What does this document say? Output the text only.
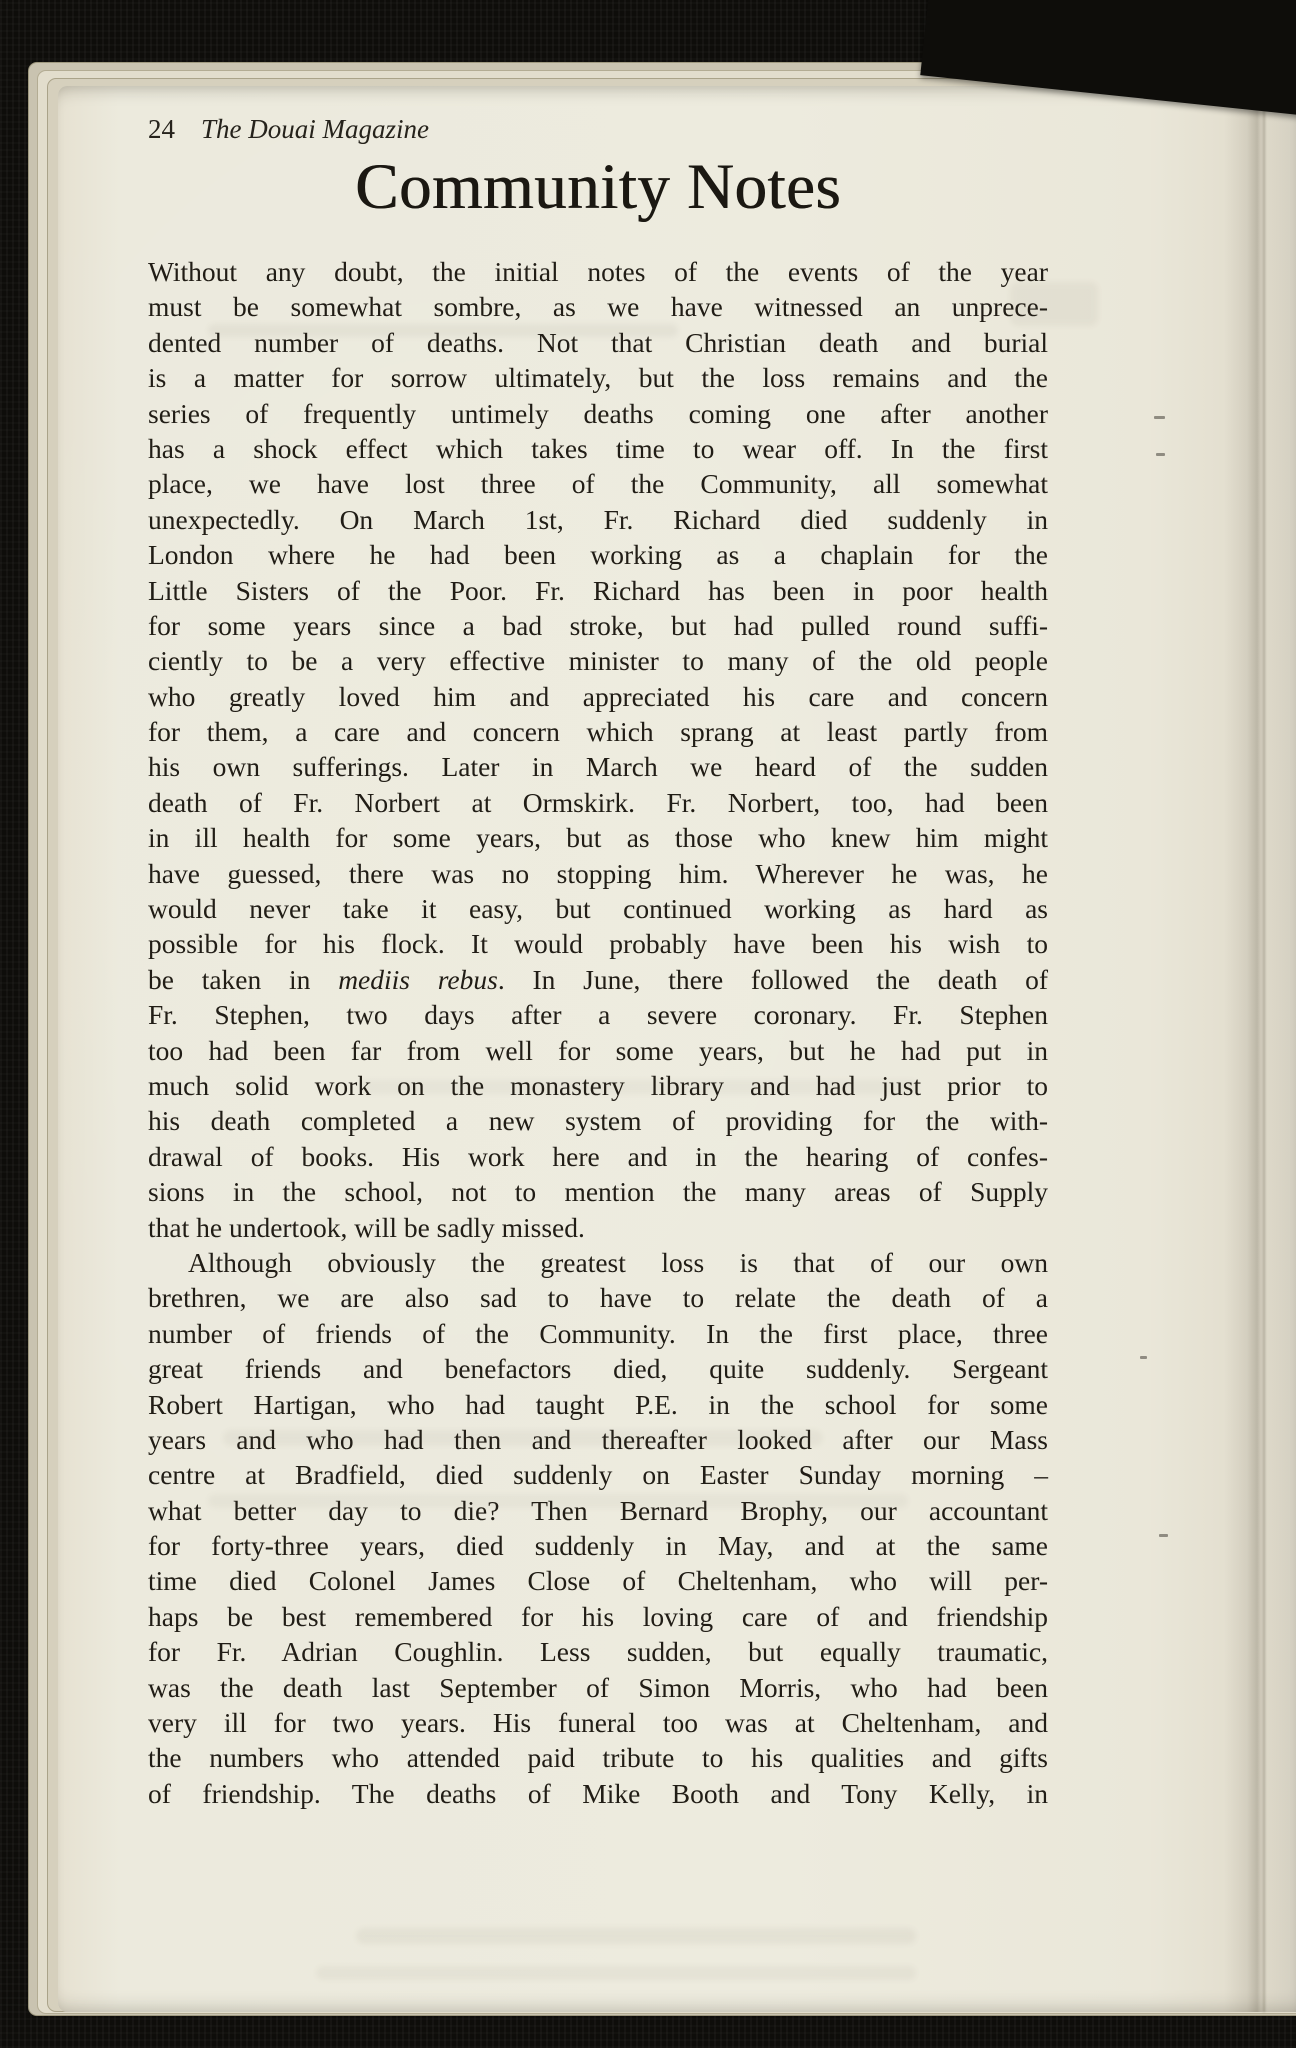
24 The Douai Magazine
Community Notes
Without any doubt, the initial notes of the events of the year
must be somewhat sombre, as we have witnessed an unprece-
dented number of deaths. Not that Christian death and burial
is a matter for sorrow ultimately, but the loss remains and the
series of frequently untimely deaths coming one after another
has a shock effect which takes time to wear off. In the first
place, we have lost three of the Community, all somewhat
unexpectedly. On March 1st, Fr. Richard died suddenly in
London where he had been working as a chaplain for the
Little Sisters of the Poor. Fr. Richard has been in poor health
for some years since a bad stroke, but had pulled round suffi-
ciently to be a very effective minister to many of the old people
who greatly loved him and appreciated his care and concern
for them, a care and concern which sprang at least partly from
his own sufferings. Later in March we heard of the sudden
death of Fr. Norbert at Ormskirk. Fr. Norbert, too, had been
in ill health for some years, but as those who knew him might
have guessed, there was no stopping him. Wherever he was, he
would never take it easy, but continued working as hard as
possible for his flock. It would probably have been his wish to
be taken in mediis rebus. In June, there followed the death of
Fr. Stephen, two days after a severe coronary. Fr. Stephen
too had been far from well for some years, but he had put in
much solid work on the monastery library and had just prior to
his death completed a new system of providing for the with-
drawal of books. His work here and in the hearing of confes-
sions in the school, not to mention the many areas of Supply
that he undertook, will be sadly missed.
Although obviously the greatest loss is that of our own
brethren, we are also sad to have to relate the death of a
number of friends of the Community. In the first place, three
great friends and benefactors died, quite suddenly. Sergeant
Robert Hartigan, who had taught P.E. in the school for some
years and who had then and thereafter looked after our Mass
centre at Bradfield, died suddenly on Easter Sunday morning –
what better day to die? Then Bernard Brophy, our accountant
for forty-three years, died suddenly in May, and at the same
time died Colonel James Close of Cheltenham, who will per-
haps be best remembered for his loving care of and friendship
for Fr. Adrian Coughlin. Less sudden, but equally traumatic,
was the death last September of Simon Morris, who had been
very ill for two years. His funeral too was at Cheltenham, and
the numbers who attended paid tribute to his qualities and gifts
of friendship. The deaths of Mike Booth and Tony Kelly, in
